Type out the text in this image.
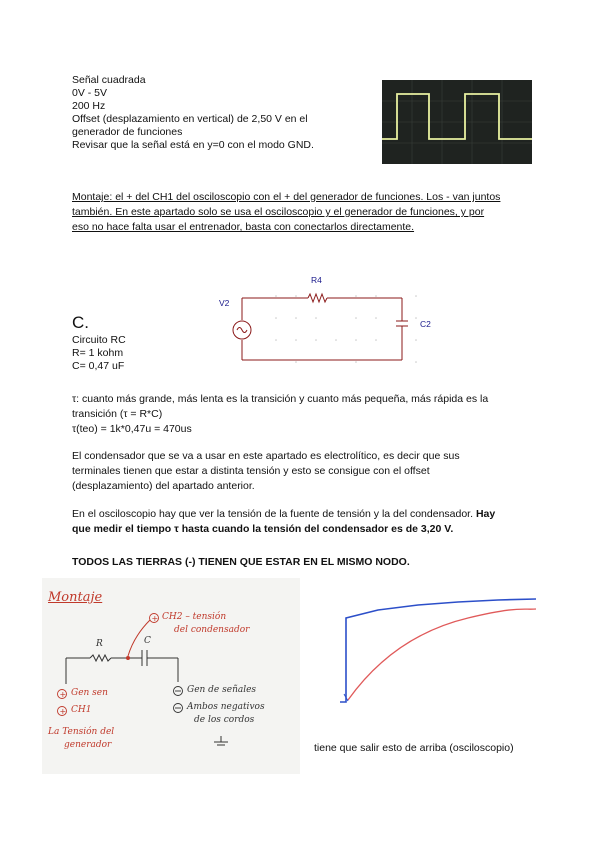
Señal cuadrada
0V - 5V
200 Hz
Offset (desplazamiento en vertical) de 2,50 V en el
generador de funciones
Revisar que la señal está en y=0 con el modo GND.
Montaje: el + del CH1 del osciloscopio con el + del generador de funciones. Los - van juntos
también. En este apartado solo se usa el osciloscopio y el generador de funciones, y por
eso no hace falta usar el entrenador, basta con conectarlos directamente.
C.
Circuito RC
R= 1 kohm
C= 0,47 uF
R4
V2
C2
τ: cuanto más grande, más lenta es la transición y cuanto más pequeña, más rápida es la
transición (τ = R*C)
τ(teo) = 1k*0,47u = 470us
El condensador que se va a usar en este apartado es electrolítico, es decir que sus
terminales tienen que estar a distinta tensión y esto se consigue con el offset
(desplazamiento) del apartado anterior.
En el osciloscopio hay que ver la tensión de la fuente de tensión y la del condensador. Hay
que medir el tiempo τ hasta cuando la tensión del condensador es de 3,20 V.
TODOS LAS TIERRAS (-) TIENEN QUE ESTAR EN EL MISMO NODO.
Montaje
+
+
+
R	C
CH2 – tensión
del condensador
Gen sen
CH1
La Tensión del
generador
Gen de señales
Ambos negativos
de los cordos
tiene que salir esto de arriba (osciloscopio)
